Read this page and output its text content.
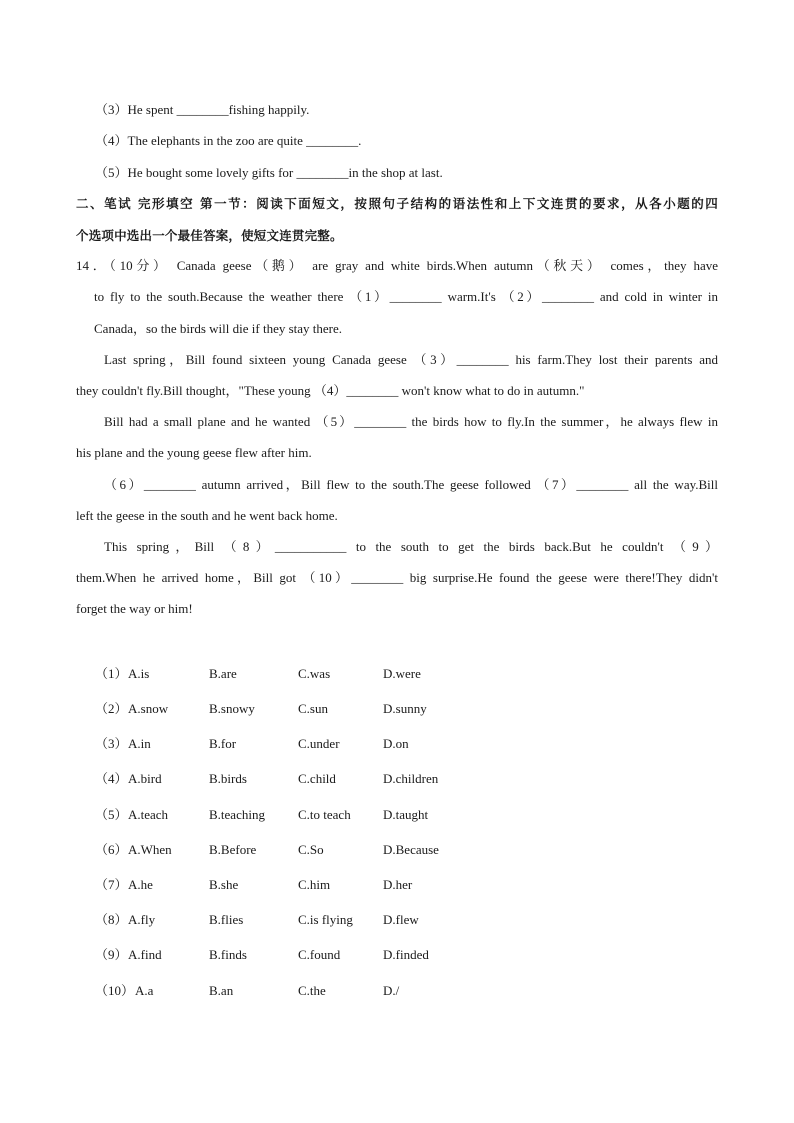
（3）He spent ________fishing happily.
（4）The elephants in the zoo are quite ________.
（5）He bought some lovely gifts for ________in the shop at last.
二、笔试 完形填空 第一节：阅读下面短文，按照句子结构的语法性和上下文连贯的要求，从各小题的四
个选项中选出一个最佳答案，使短文连贯完整。
14．（10分） Canada geese（鹅） are gray and white birds.When autumn（秋天） comes，they have
to fly to the south.Because the weather there （1）________ warm.It's （2）________ and cold in winter in
Canada，so the birds will die if they stay there.
Last spring，Bill found sixteen young Canada geese （3）________ his farm.They lost their parents and
they couldn't fly.Bill thought，"These young （4）________ won't know what to do in autumn."
Bill had a small plane and he wanted （5）________ the birds how to fly.In the summer，he always flew in
his plane and the young geese flew after him.
（6）________ autumn arrived，Bill flew to the south.The geese followed （7）________ all the way.Bill
left the geese in the south and he went back home.
This spring，Bill （8）___________ to the south to get the birds back.But he couldn't （9）
them.When he arrived home，Bill got （10）________ big surprise.He found the geese were there!They didn't
forget the way or him!
（1） A.is	B.are	C.was	D.were
（2） A.snow	B.snowy	C.sun	D.sunny
（3） A.in	B.for	C.under	D.on
（4） A.bird	B.birds	C.child	D.children
（5） A.teach	B.teaching	C.to teach D.taught
（6） A.When	B.Before	C.So	D.Because
（7） A.he	B.she	C.him	D.her
（8） A.fly	B.flies	C.is flying D.flew
（9） A.find	B.finds	C.found	D.finded
（10） A.a	B.an	C.the	D./
